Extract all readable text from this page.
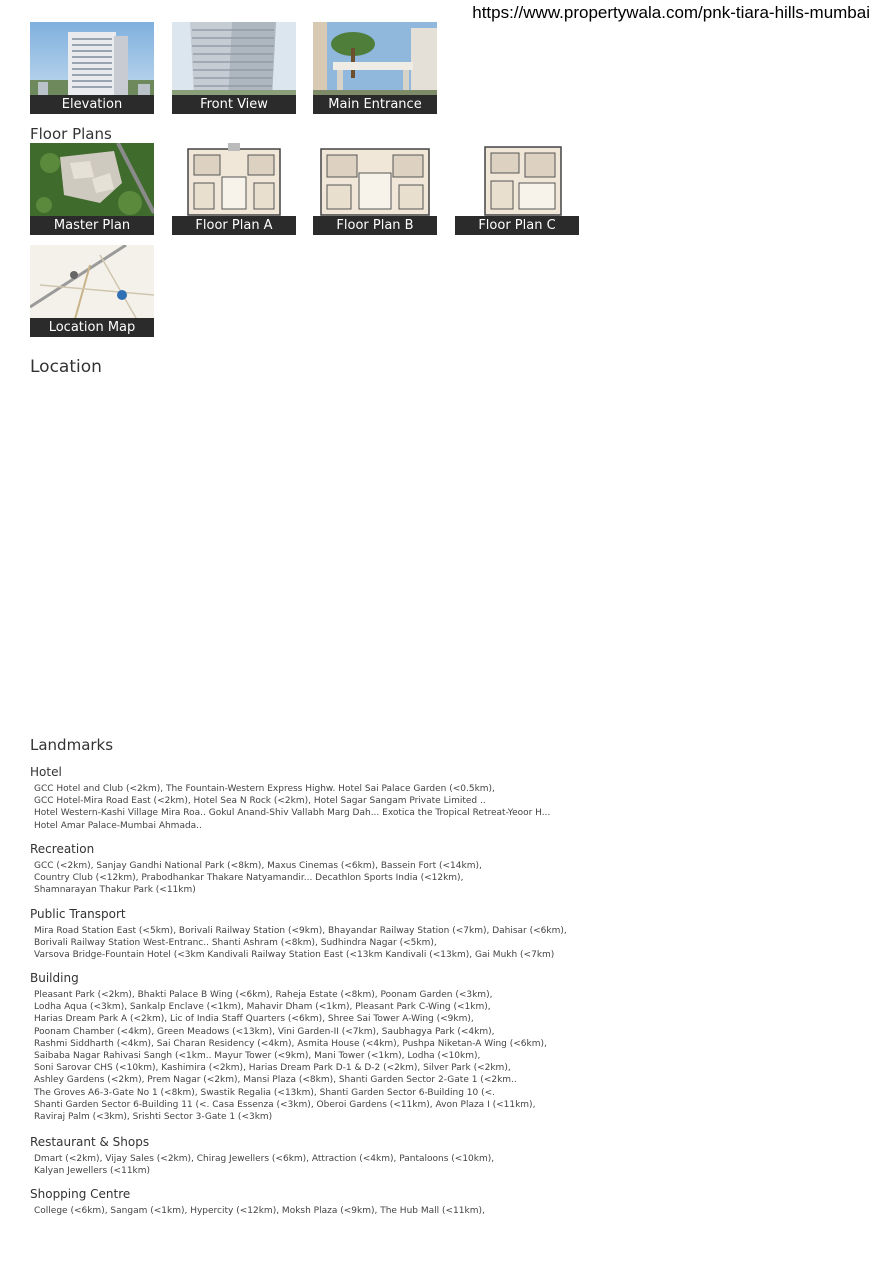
https://www.propertywala.com/pnk-tiara-hills-mumbai
Elevation	Front View	Main Entrance
Floor Plans
Master Plan	Floor Plan A	Floor Plan B	Floor Plan C
Location Map
Location
Landmarks
Hotel
GCC Hotel and Club (<2km), The Fountain-Western Express Highw. Hotel Sai Palace Garden (<0.5km),
GCC Hotel-Mira Road East (<2km), Hotel Sea N Rock (<2km), Hotel Sagar Sangam Private Limited ..
Hotel Western-Kashi Village Mira Roa.. Gokul Anand-Shiv Vallabh Marg Dah... Exotica the Tropical Retreat-Yeoor H...
Hotel Amar Palace-Mumbai Ahmada..
Recreation
GCC (<2km), Sanjay Gandhi National Park (<8km), Maxus Cinemas (<6km), Bassein Fort (<14km),
Country Club (<12km), Prabodhankar Thakare Natyamandir... Decathlon Sports India (<12km),
Shamnarayan Thakur Park (<11km)
Public Transport
Mira Road Station East (<5km), Borivali Railway Station (<9km), Bhayandar Railway Station (<7km), Dahisar (<6km),
Borivali Railway Station West-Entranc.. Shanti Ashram (<8km), Sudhindra Nagar (<5km),
Varsova Bridge-Fountain Hotel (<3km Kandivali Railway Station East (<13km Kandivali (<13km), Gai Mukh (<7km)
Building
Pleasant Park (<2km), Bhakti Palace B Wing (<6km), Raheja Estate (<8km), Poonam Garden (<3km),
Lodha Aqua (<3km), Sankalp Enclave (<1km), Mahavir Dham (<1km), Pleasant Park C-Wing (<1km),
Harias Dream Park A (<2km), Lic of India Staff Quarters (<6km), Shree Sai Tower A-Wing (<9km),
Poonam Chamber (<4km), Green Meadows (<13km), Vini Garden-II (<7km), Saubhagya Park (<4km),
Rashmi Siddharth (<4km), Sai Charan Residency (<4km), Asmita House (<4km), Pushpa Niketan-A Wing (<6km),
Saibaba Nagar Rahivasi Sangh (<1km.. Mayur Tower (<9km), Mani Tower (<1km), Lodha (<10km),
Soni Sarovar CHS (<10km), Kashimira (<2km), Harias Dream Park D-1 & D-2 (<2km), Silver Park (<2km),
Ashley Gardens (<2km), Prem Nagar (<2km), Mansi Plaza (<8km), Shanti Garden Sector 2-Gate 1 (<2km..
The Groves A6-3-Gate No 1 (<8km), Swastik Regalia (<13km), Shanti Garden Sector 6-Building 10 (<.
Shanti Garden Sector 6-Building 11 (<. Casa Essenza (<3km), Oberoi Gardens (<11km), Avon Plaza I (<11km),
Raviraj Palm (<3km), Srishti Sector 3-Gate 1 (<3km)
Restaurant & Shops
Dmart (<2km), Vijay Sales (<2km), Chirag Jewellers (<6km), Attraction (<4km), Pantaloons (<10km),
Kalyan Jewellers (<11km)
Shopping Centre
College (<6km), Sangam (<1km), Hypercity (<12km), Moksh Plaza (<9km), The Hub Mall (<11km),
